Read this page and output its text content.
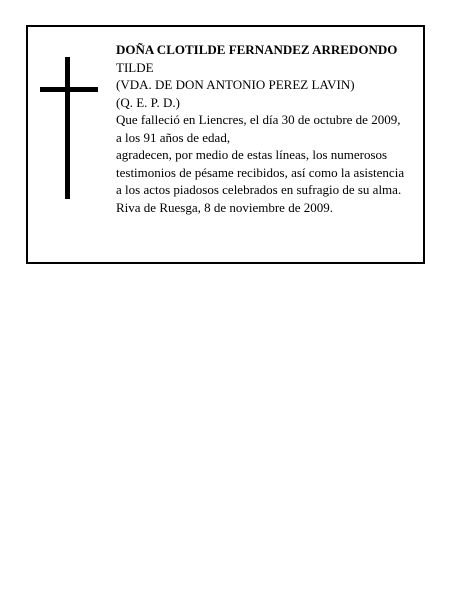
DOÑA CLOTILDE FERNANDEZ ARREDONDO
TILDE
(VDA. DE DON ANTONIO PEREZ LAVIN)
(Q. E. P. D.)
Que falleció en Liencres, el día 30 de octubre de 2009,
a los 91 años de edad,
agradecen, por medio de estas líneas, los numerosos
testimonios de pésame recibidos, así como la asistencia
a los actos piadosos celebrados en sufragio de su alma.
Riva de Ruesga, 8 de noviembre de 2009.
